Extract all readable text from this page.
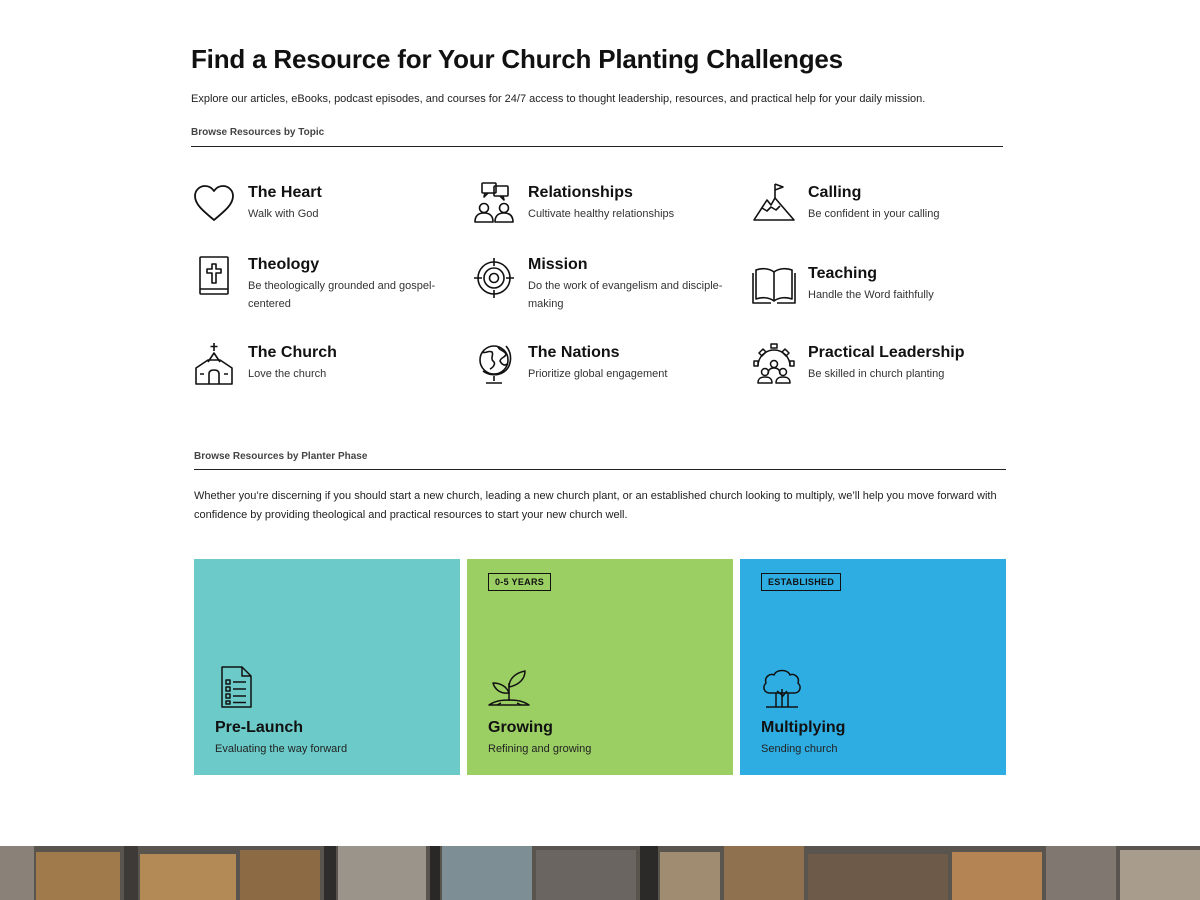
Find a Resource for Your Church Planting Challenges
Explore our articles, eBooks, podcast episodes, and courses for 24/7 access to thought leadership, resources, and practical help for your daily mission.
Browse Resources by Topic
The Heart
Walk with God
Relationships
Cultivate healthy relationships
Calling
Be confident in your calling
Theology
Be theologically grounded and gospel-centered
Mission
Do the work of evangelism and disciple-making
Teaching
Handle the Word faithfully
The Church
Love the church
The Nations
Prioritize global engagement
Practical Leadership
Be skilled in church planting
Browse Resources by Planter Phase
Whether you’re discerning if you should start a new church, leading a new church plant, or an established church looking to multiply, we’ll help you move forward with confidence by providing theological and practical resources to start your new church well.
Pre-Launch
Evaluating the way forward
0-5 YEARS
Growing
Refining and growing
ESTABLISHED
Multiplying
Sending church
